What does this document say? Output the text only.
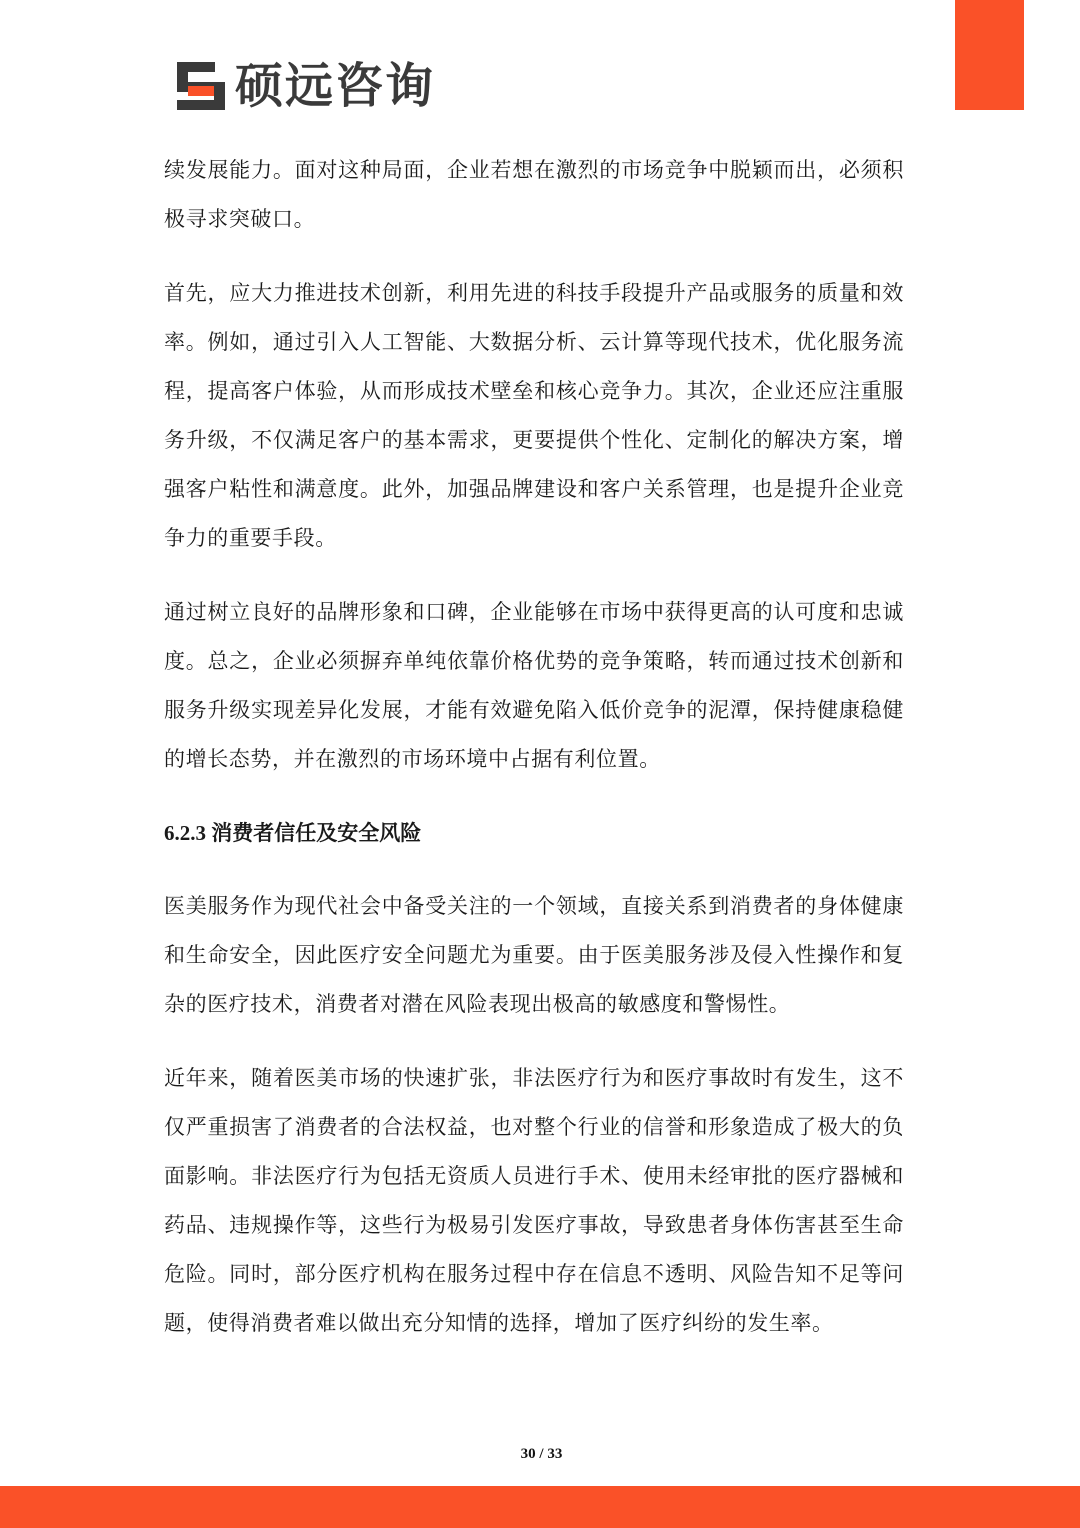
硕远咨询

续发展能力。面对这种局面，企业若想在激烈的市场竞争中脱颖而出，必须积极寻求突破口。

首先，应大力推进技术创新，利用先进的科技手段提升产品或服务的质量和效率。例如，通过引入人工智能、大数据分析、云计算等现代技术，优化服务流程，提高客户体验，从而形成技术壁垒和核心竞争力。其次，企业还应注重服务升级，不仅满足客户的基本需求，更要提供个性化、定制化的解决方案，增强客户粘性和满意度。此外，加强品牌建设和客户关系管理，也是提升企业竞争力的重要手段。

通过树立良好的品牌形象和口碑，企业能够在市场中获得更高的认可度和忠诚度。总之，企业必须摒弃单纯依靠价格优势的竞争策略，转而通过技术创新和服务升级实现差异化发展，才能有效避免陷入低价竞争的泥潭，保持健康稳健的增长态势，并在激烈的市场环境中占据有利位置。

6.2.3 消费者信任及安全风险

医美服务作为现代社会中备受关注的一个领域，直接关系到消费者的身体健康和生命安全，因此医疗安全问题尤为重要。由于医美服务涉及侵入性操作和复杂的医疗技术，消费者对潜在风险表现出极高的敏感度和警惕性。

近年来，随着医美市场的快速扩张，非法医疗行为和医疗事故时有发生，这不仅严重损害了消费者的合法权益，也对整个行业的信誉和形象造成了极大的负面影响。非法医疗行为包括无资质人员进行手术、使用未经审批的医疗器械和药品、违规操作等，这些行为极易引发医疗事故，导致患者身体伤害甚至生命危险。同时，部分医疗机构在服务过程中存在信息不透明、风险告知不足等问题，使得消费者难以做出充分知情的选择，增加了医疗纠纷的发生率。

30 / 33
